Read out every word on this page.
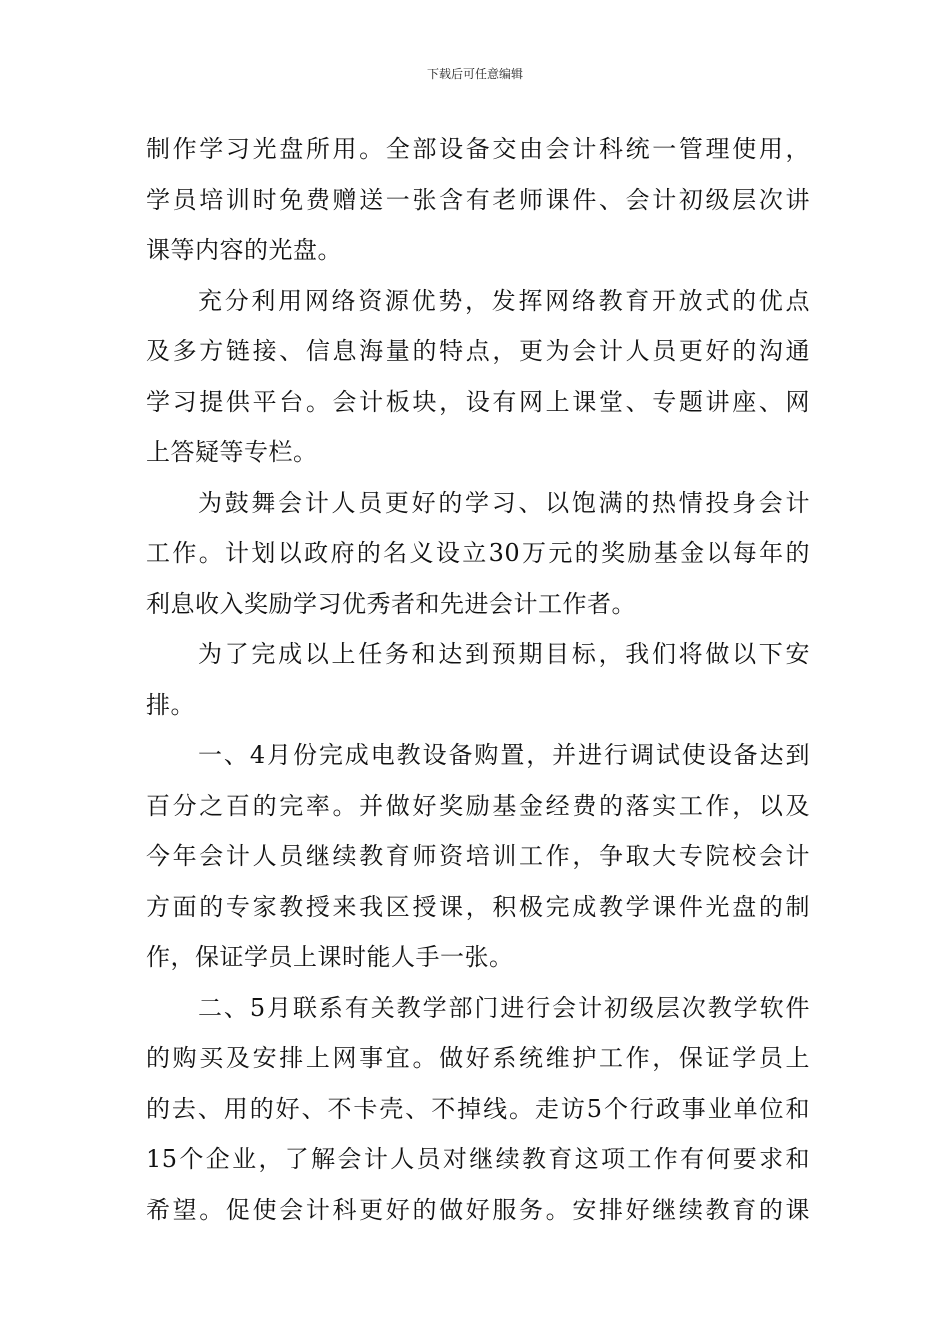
下载后可任意编辑
制作学习光盘所用。全部设备交由会计科统一管理使用，
学员培训时免费赠送一张含有老师课件、会计初级层次讲
课等内容的光盘。
充分利用网络资源优势，发挥网络教育开放式的优点
及多方链接、信息海量的特点，更为会计人员更好的沟通
学习提供平台。会计板块，设有网上课堂、专题讲座、网
上答疑等专栏。
为鼓舞会计人员更好的学习、以饱满的热情投身会计
工作。计划以政府的名义设立30万元的奖励基金以每年的
利息收入奖励学习优秀者和先进会计工作者。
为了完成以上任务和达到预期目标，我们将做以下安
排。
一、4月份完成电教设备购置，并进行调试使设备达到
百分之百的完率。并做好奖励基金经费的落实工作，以及
今年会计人员继续教育师资培训工作，争取大专院校会计
方面的专家教授来我区授课，积极完成教学课件光盘的制
作，保证学员上课时能人手一张。
二、5月联系有关教学部门进行会计初级层次教学软件
的购买及安排上网事宜。做好系统维护工作，保证学员上
的去、用的好、不卡壳、不掉线。走访5个行政事业单位和
15个企业，了解会计人员对继续教育这项工作有何要求和
希望。促使会计科更好的做好服务。安排好继续教育的课
